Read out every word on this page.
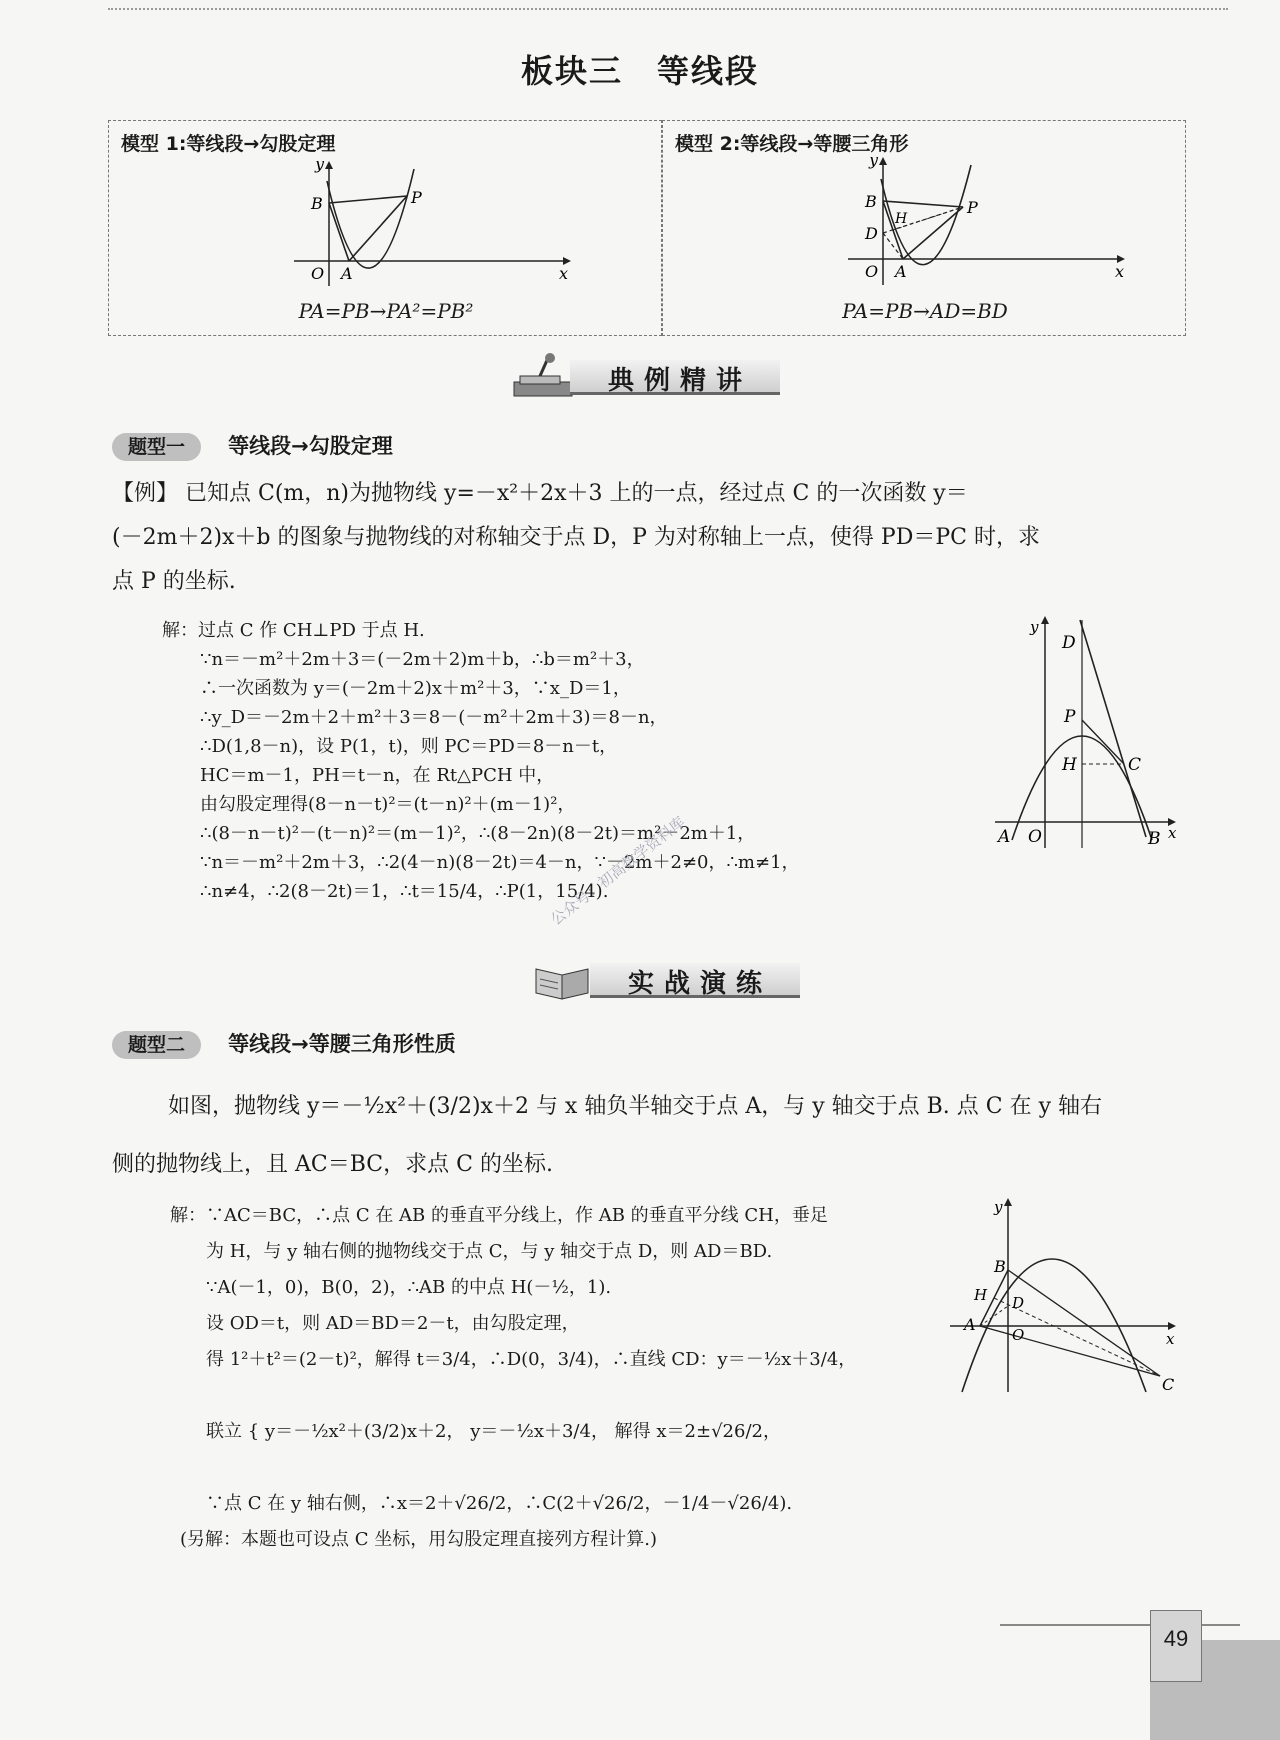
板块三　等线段
模型 1:等线段→勾股定理
y
x
B	P
O A
PA=PB→PA²=PB²
模型 2:等线段→等腰三角形
y
x
B	P
H
D
O A
PA=PB→AD=BD
典例精讲
题型一 等线段→勾股定理
【例】 已知点 C(m，n)为抛物线 y=－x²＋2x＋3 上的一点，经过点 C 的一次函数 y＝
(－2m＋2)x＋b 的图象与抛物线的对称轴交于点 D，P 为对称轴上一点，使得 PD＝PC 时，求
点 P 的坐标.
解：过点 C 作 CH⊥PD 于点 H.
∵n＝－m²＋2m＋3＝(－2m＋2)m＋b，∴b＝m²＋3，
∴一次函数为 y＝(－2m＋2)x＋m²＋3，∵x_D＝1，
∴y_D＝－2m＋2＋m²＋3＝8－(－m²＋2m＋3)＝8－n，
∴D(1,8－n)，设 P(1，t)，则 PC＝PD＝8－n－t，
HC＝m－1，PH＝t－n，在 Rt△PCH 中，
由勾股定理得(8－n－t)²＝(t－n)²＋(m－1)²，
∴(8－n－t)²－(t－n)²＝(m－1)²，∴(8－2n)(8－2t)＝m²－2m＋1，
∵n＝－m²＋2m＋3，∴2(4－n)(8－2t)＝4－n，∵－2m＋2≠0，∴m≠1，
∴n≠4，∴2(8－2t)＝1，∴t＝15/4，∴P(1，15/4).
y
x
D
P
H	C
A O	B
公众号：初高数学资料库
实战演练
题型二 等线段→等腰三角形性质
如图，抛物线 y＝－½x²＋(3/2)x＋2 与 x 轴负半轴交于点 A，与 y 轴交于点 B. 点 C 在 y 轴右
侧的抛物线上，且 AC＝BC，求点 C 的坐标.
解：∵AC＝BC，∴点 C 在 AB 的垂直平分线上，作 AB 的垂直平分线 CH，垂足
为 H，与 y 轴右侧的抛物线交于点 C，与 y 轴交于点 D，则 AD＝BD.
∵A(－1，0)，B(0，2)，∴AB 的中点 H(－½，1).
设 OD＝t，则 AD＝BD＝2－t，由勾股定理，
得 1²＋t²＝(2－t)²，解得 t＝3/4，∴D(0，3/4)，∴直线 CD：y＝－½x＋3/4，
联立 { y＝－½x²＋(3/2)x＋2， y＝－½x＋3/4， 解得 x＝2±√26/2，
∵点 C 在 y 轴右侧，∴x＝2＋√26/2，∴C(2＋√26/2，－1/4－√26/4).
(另解：本题也可设点 C 坐标，用勾股定理直接列方程计算.)
y
x
B
H D
A
O
C
49
